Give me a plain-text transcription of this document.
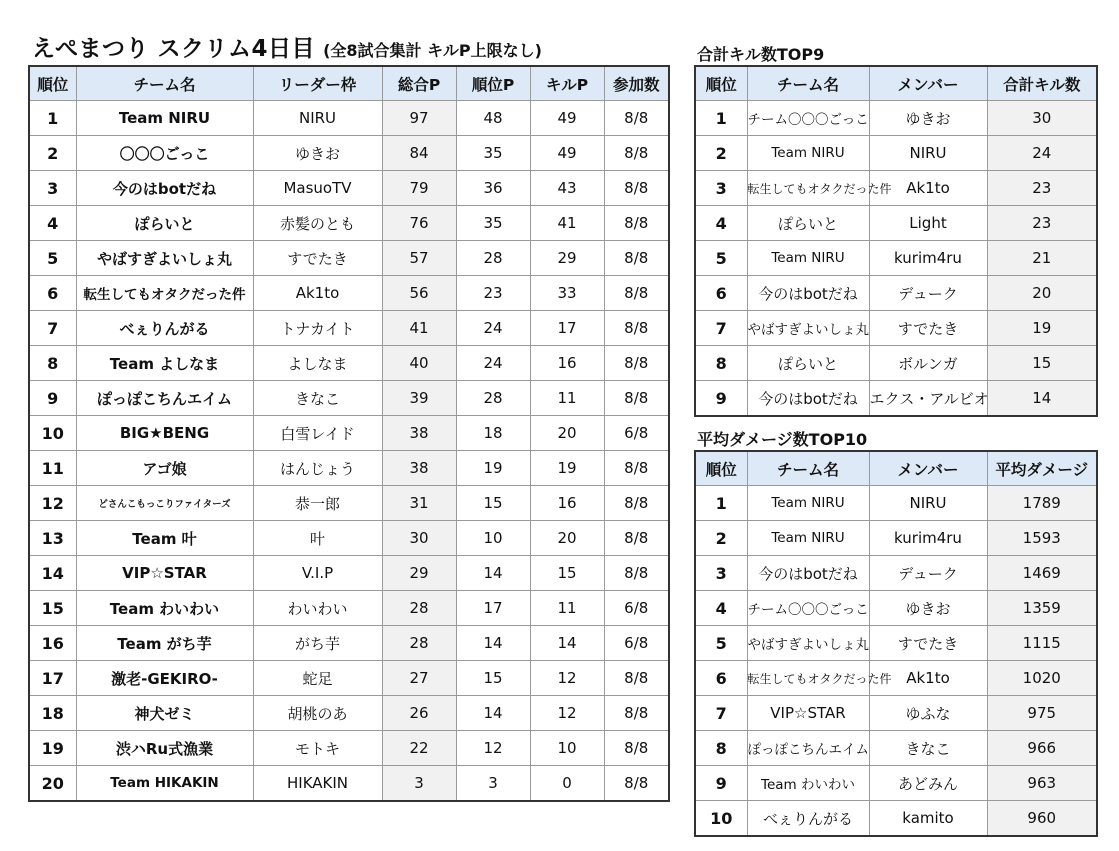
えぺまつり スクリム4日目 (全8試合集計 キルP上限なし)
順位	チーム名	リーダー枠	総合P	順位P	キルP	参加数
1	Team NIRU	NIRU	97	48	49	8/8
2	〇〇〇ごっこ	ゆきお	84	35	49	8/8
3	今のはbotだね	MasuoTV	79	36	43	8/8
4	ぽらいと	赤髪のとも	76	35	41	8/8
5	やばすぎよいしょ丸	すでたき	57	28	29	8/8
6	転生してもオタクだった件	Ak1to	56	23	33	8/8
7	べぇりんがる	トナカイト	41	24	17	8/8
8	Team よしなま	よしなま	40	24	16	8/8
9	ぽっぽこちんエイム	きなこ	39	28	11	8/8
10	BIG★BENG	白雪レイド	38	18	20	6/8
11	アゴ娘	はんじょう	38	19	19	8/8
12	どさんこもっこりファイターズ	恭一郎	31	15	16	8/8
13	Team 叶	叶	30	10	20	8/8
14	VIP☆STAR	V.I.P	29	14	15	8/8
15	Team わいわい	わいわい	28	17	11	6/8
16	Team がち芋	がち芋	28	14	14	6/8
17	激老-GEKIRO-	蛇足	27	15	12	8/8
18	神犬ゼミ	胡桃のあ	26	14	12	8/8
19	渋ハRu式漁業	モトキ	22	12	10	8/8
20	Team HIKAKIN	HIKAKIN	3	3	0	8/8
合計キル数TOP9
順位	チーム名	メンバー	合計キル数
1	チーム〇〇〇ごっこ	ゆきお	30
2	Team NIRU	NIRU	24
3	転生してもオタクだった件	Ak1to	23
4	ぽらいと	Light	23
5	Team NIRU	kurim4ru	21
6	今のはbotだね	デューク	20
7	やばすぎよいしょ丸	すでたき	19
8	ぽらいと	ボルンガ	15
9	今のはbotだね	エクス・アルビオ	14
平均ダメージ数TOP10
順位	チーム名	メンバー	平均ダメージ
1	Team NIRU	NIRU	1789
2	Team NIRU	kurim4ru	1593
3	今のはbotだね	デューク	1469
4	チーム〇〇〇ごっこ	ゆきお	1359
5	やばすぎよいしょ丸	すでたき	1115
6	転生してもオタクだった件	Ak1to	1020
7	VIP☆STAR	ゆふな	975
8	ぽっぽこちんエイム	きなこ	966
9	Team わいわい	あどみん	963
10	べぇりんがる	kamito	960
